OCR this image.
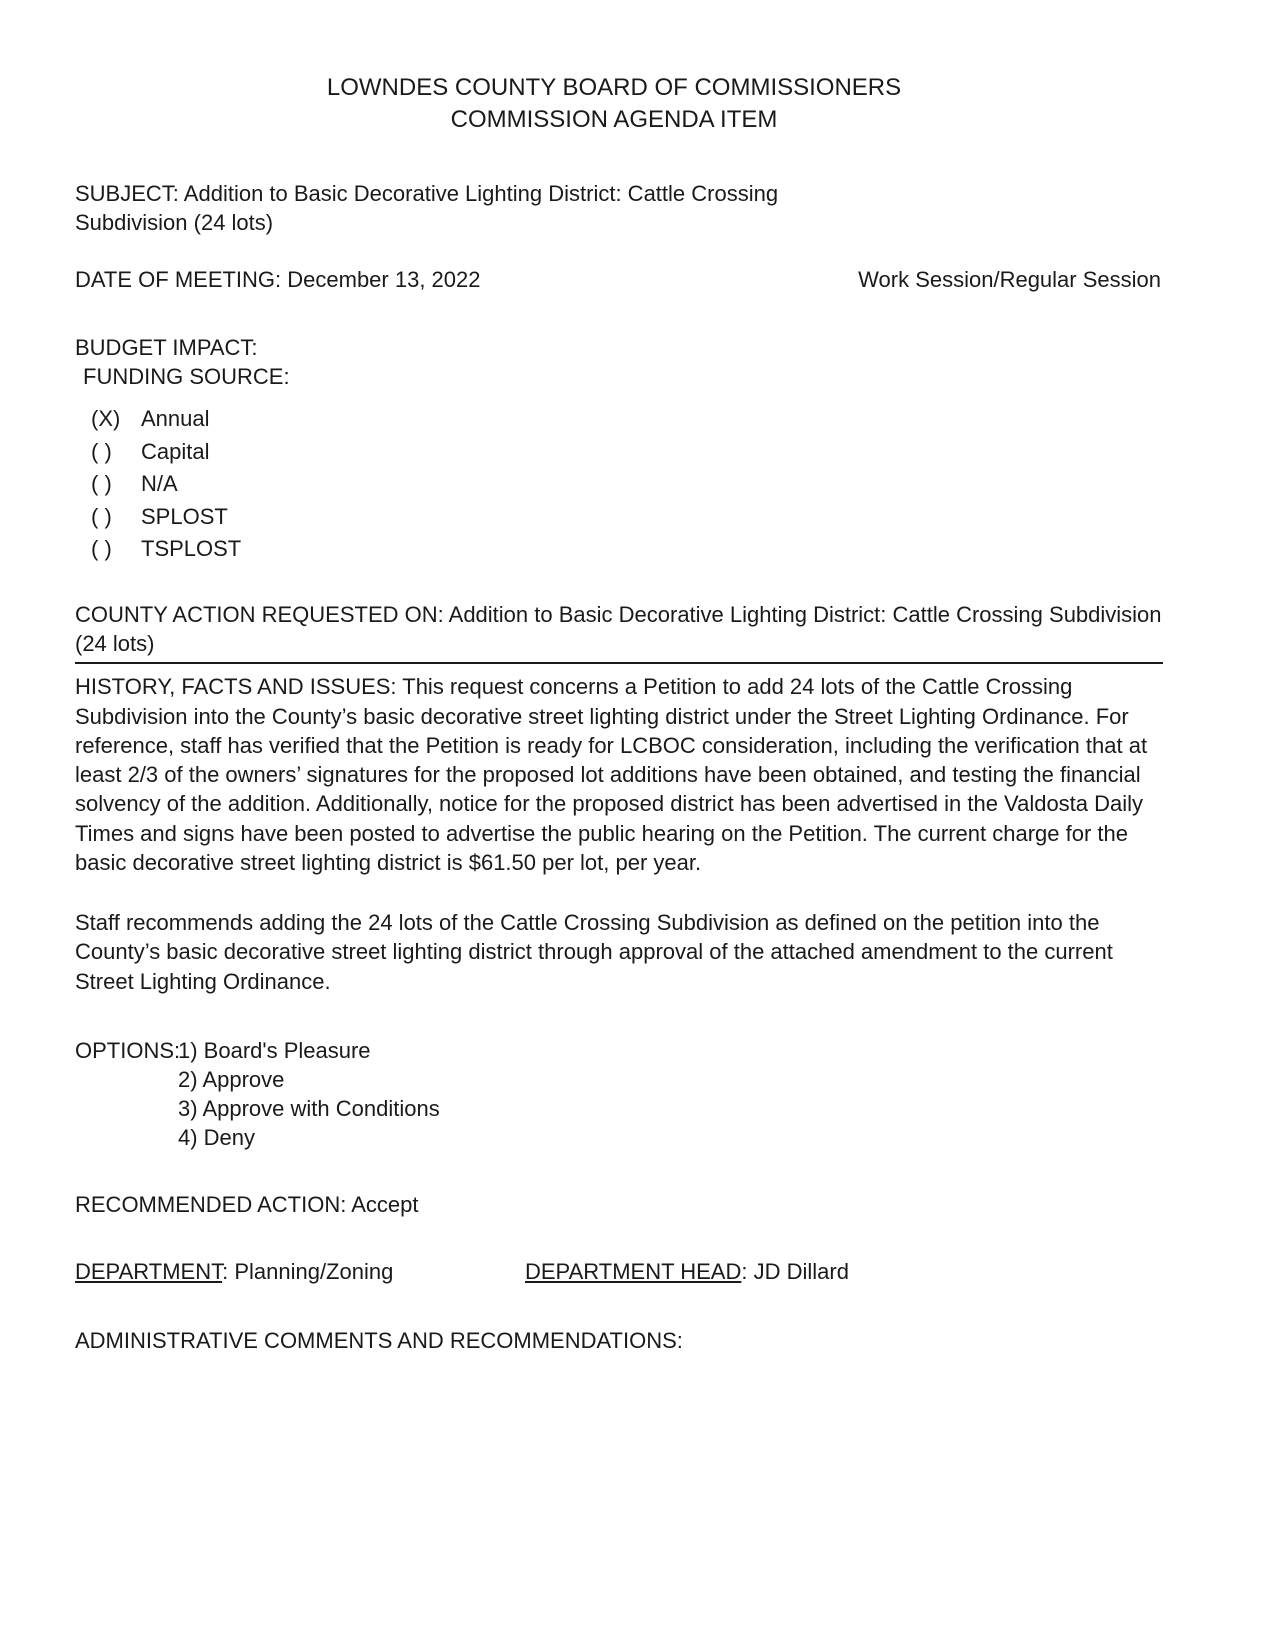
LOWNDES COUNTY BOARD OF COMMISSIONERS
COMMISSION AGENDA ITEM
SUBJECT: Addition to Basic Decorative Lighting District: Cattle Crossing Subdivision (24 lots)
DATE OF MEETING: December 13, 2022	Work Session/Regular Session
BUDGET IMPACT:
FUNDING SOURCE:
(X) Annual
( )	Capital
( )	N/A
( )	SPLOST
( )	TSPLOST
COUNTY ACTION REQUESTED ON: Addition to Basic Decorative Lighting District: Cattle Crossing Subdivision (24 lots)
HISTORY, FACTS AND ISSUES: This request concerns a Petition to add 24 lots of the Cattle Crossing Subdivision into the County’s basic decorative street lighting district under the Street Lighting Ordinance. For reference, staff has verified that the Petition is ready for LCBOC consideration, including the verification that at least 2/3 of the owners’ signatures for the proposed lot additions have been obtained, and testing the financial solvency of the addition. Additionally, notice for the proposed district has been advertised in the Valdosta Daily Times and signs have been posted to advertise the public hearing on the Petition. The current charge for the basic decorative street lighting district is $61.50 per lot, per year.
Staff recommends adding the 24 lots of the Cattle Crossing Subdivision as defined on the petition into the County’s basic decorative street lighting district through approval of the attached amendment to the current Street Lighting Ordinance.
OPTIONS:
1) Board's Pleasure
2) Approve
3) Approve with Conditions
4) Deny
RECOMMENDED ACTION: Accept
DEPARTMENT: Planning/Zoning	DEPARTMENT HEAD: JD Dillard
ADMINISTRATIVE COMMENTS AND RECOMMENDATIONS:
